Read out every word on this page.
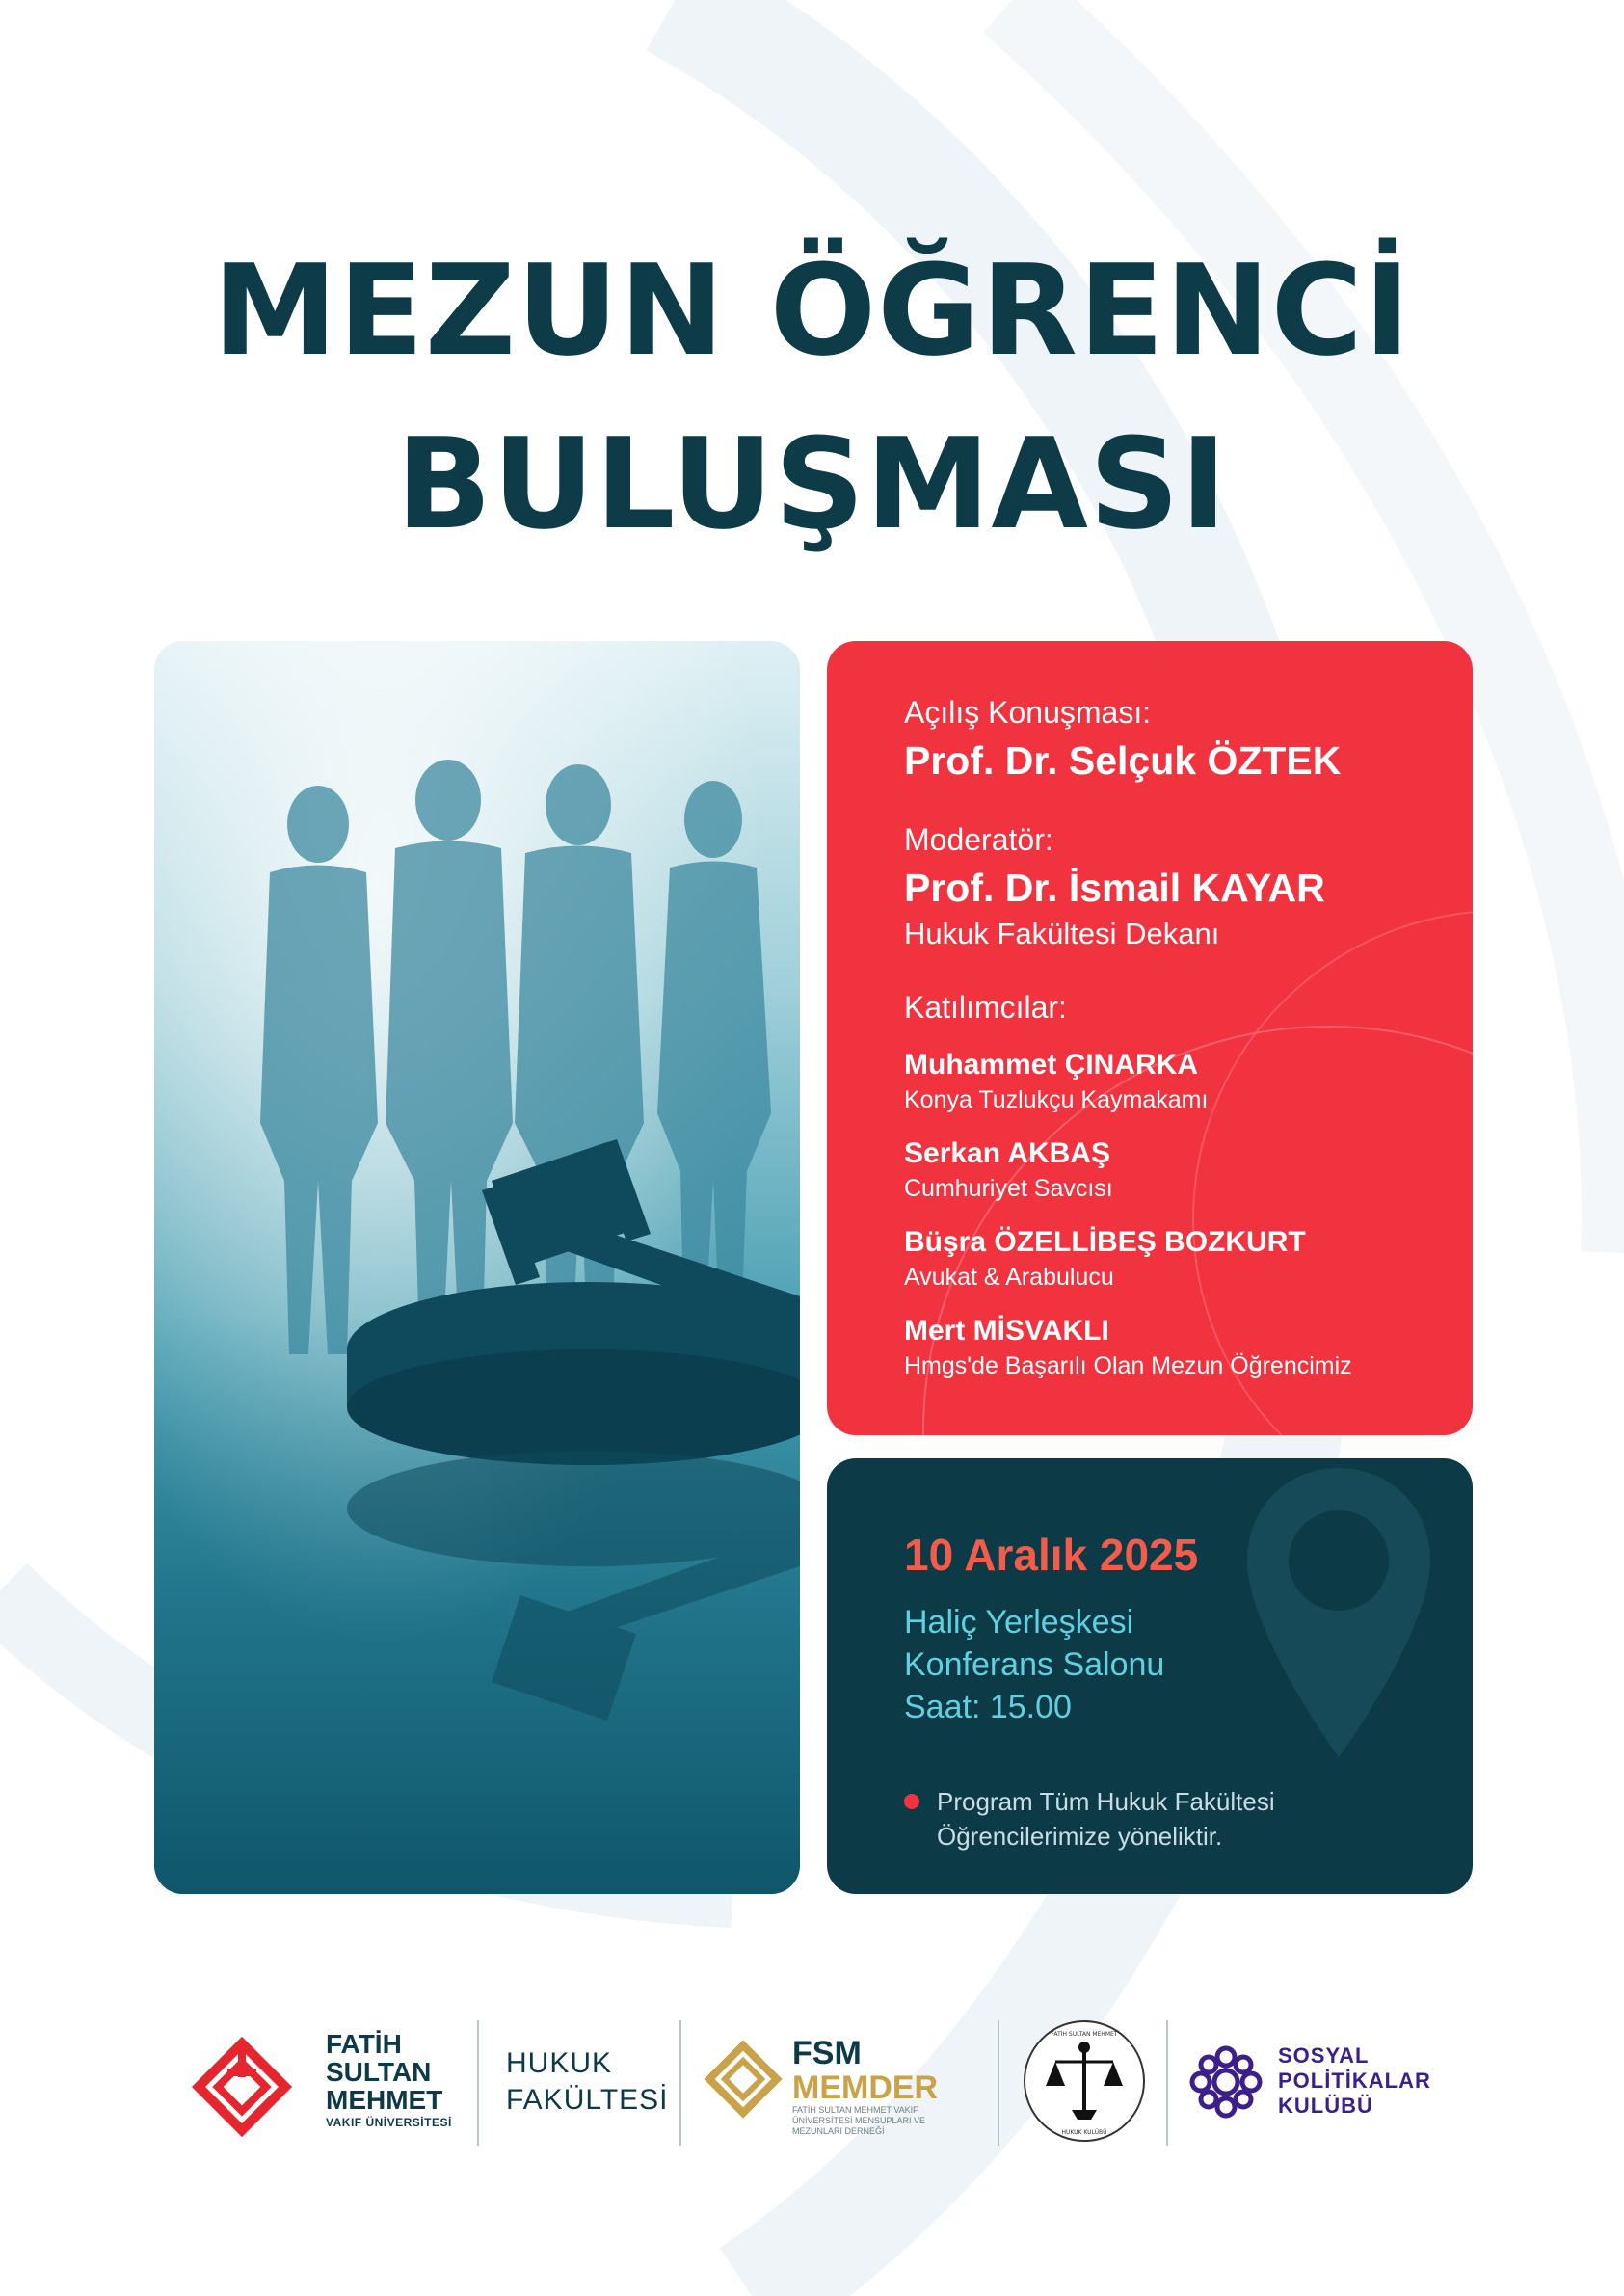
MEZUN ÖĞRENCİ
BULUŞMASI
Açılış Konuşması:
Prof. Dr. Selçuk ÖZTEK
Moderatör:
Prof. Dr. İsmail KAYAR
Hukuk Fakültesi Dekanı
Katılımcılar:
Muhammet ÇINARKA
Konya Tuzlukçu Kaymakamı
Serkan AKBAŞ
Cumhuriyet Savcısı
Büşra ÖZELLİBEŞ BOZKURT
Avukat & Arabulucu
Mert MİSVAKLI
Hmgs'de Başarılı Olan Mezun Öğrencimiz
10 Aralık 2025
Haliç Yerleşkesi
Konferans Salonu
Saat: 15.00
Program Tüm Hukuk Fakültesi
Öğrencilerimize yöneliktir.
FATİH
SULTAN
MEHMET
VAKIF ÜNİVERSİTESİ
HUKUK
FAKÜLTESİ
FSM
MEMDER
FATİH SULTAN MEHMET VAKIF ÜNİVERSİTESİ MENSUPLARI VE MEZUNLARI DERNEĞİ
FATİH SULTAN MEHMET
HUKUK KULÜBÜ
SOSYAL
POLİTİKALAR
KULÜBÜ
